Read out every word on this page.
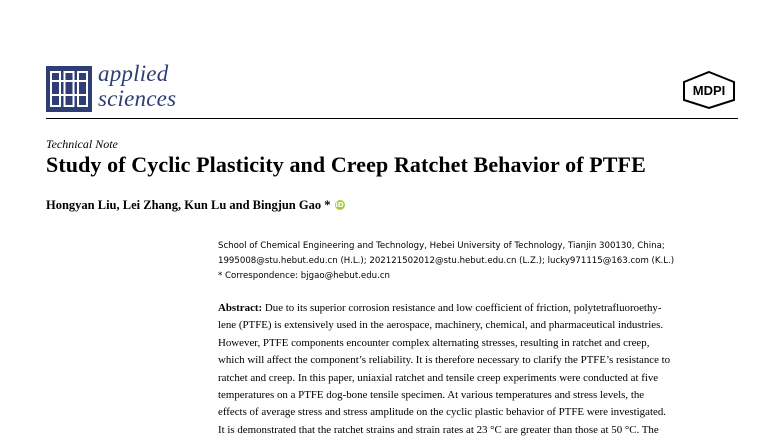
applied
sciences	MDPI
Technical Note
Study of Cyclic Plasticity and Creep Ratchet Behavior of PTFE
Hongyan Liu, Lei Zhang, Kun Lu and Bingjun Gao * iD
School of Chemical Engineering and Technology, Hebei University of Technology, Tianjin 300130, China;
1995008@stu.hebut.edu.cn (H.L.); 202121502012@stu.hebut.edu.cn (L.Z.); lucky971115@163.com (K.L.)
* Correspondence: bjgao@hebut.edu.cn
Abstract: Due to its superior corrosion resistance and low coefficient of friction, polytetrafluoroethy-
lene (PTFE) is extensively used in the aerospace, machinery, chemical, and pharmaceutical industries.
However, PTFE components encounter complex alternating stresses, resulting in ratchet and creep,
which will affect the component’s reliability. It is therefore necessary to clarify the PTFE’s resistance to
ratchet and creep. In this paper, uniaxial ratchet and tensile creep experiments were conducted at five
temperatures on a PTFE dog-bone tensile specimen. At various temperatures and stress levels, the
effects of average stress and stress amplitude on the cyclic plastic behavior of PTFE were investigated.
It is demonstrated that the ratchet strains and strain rates at 23 °C are greater than those at 50 °C. The
